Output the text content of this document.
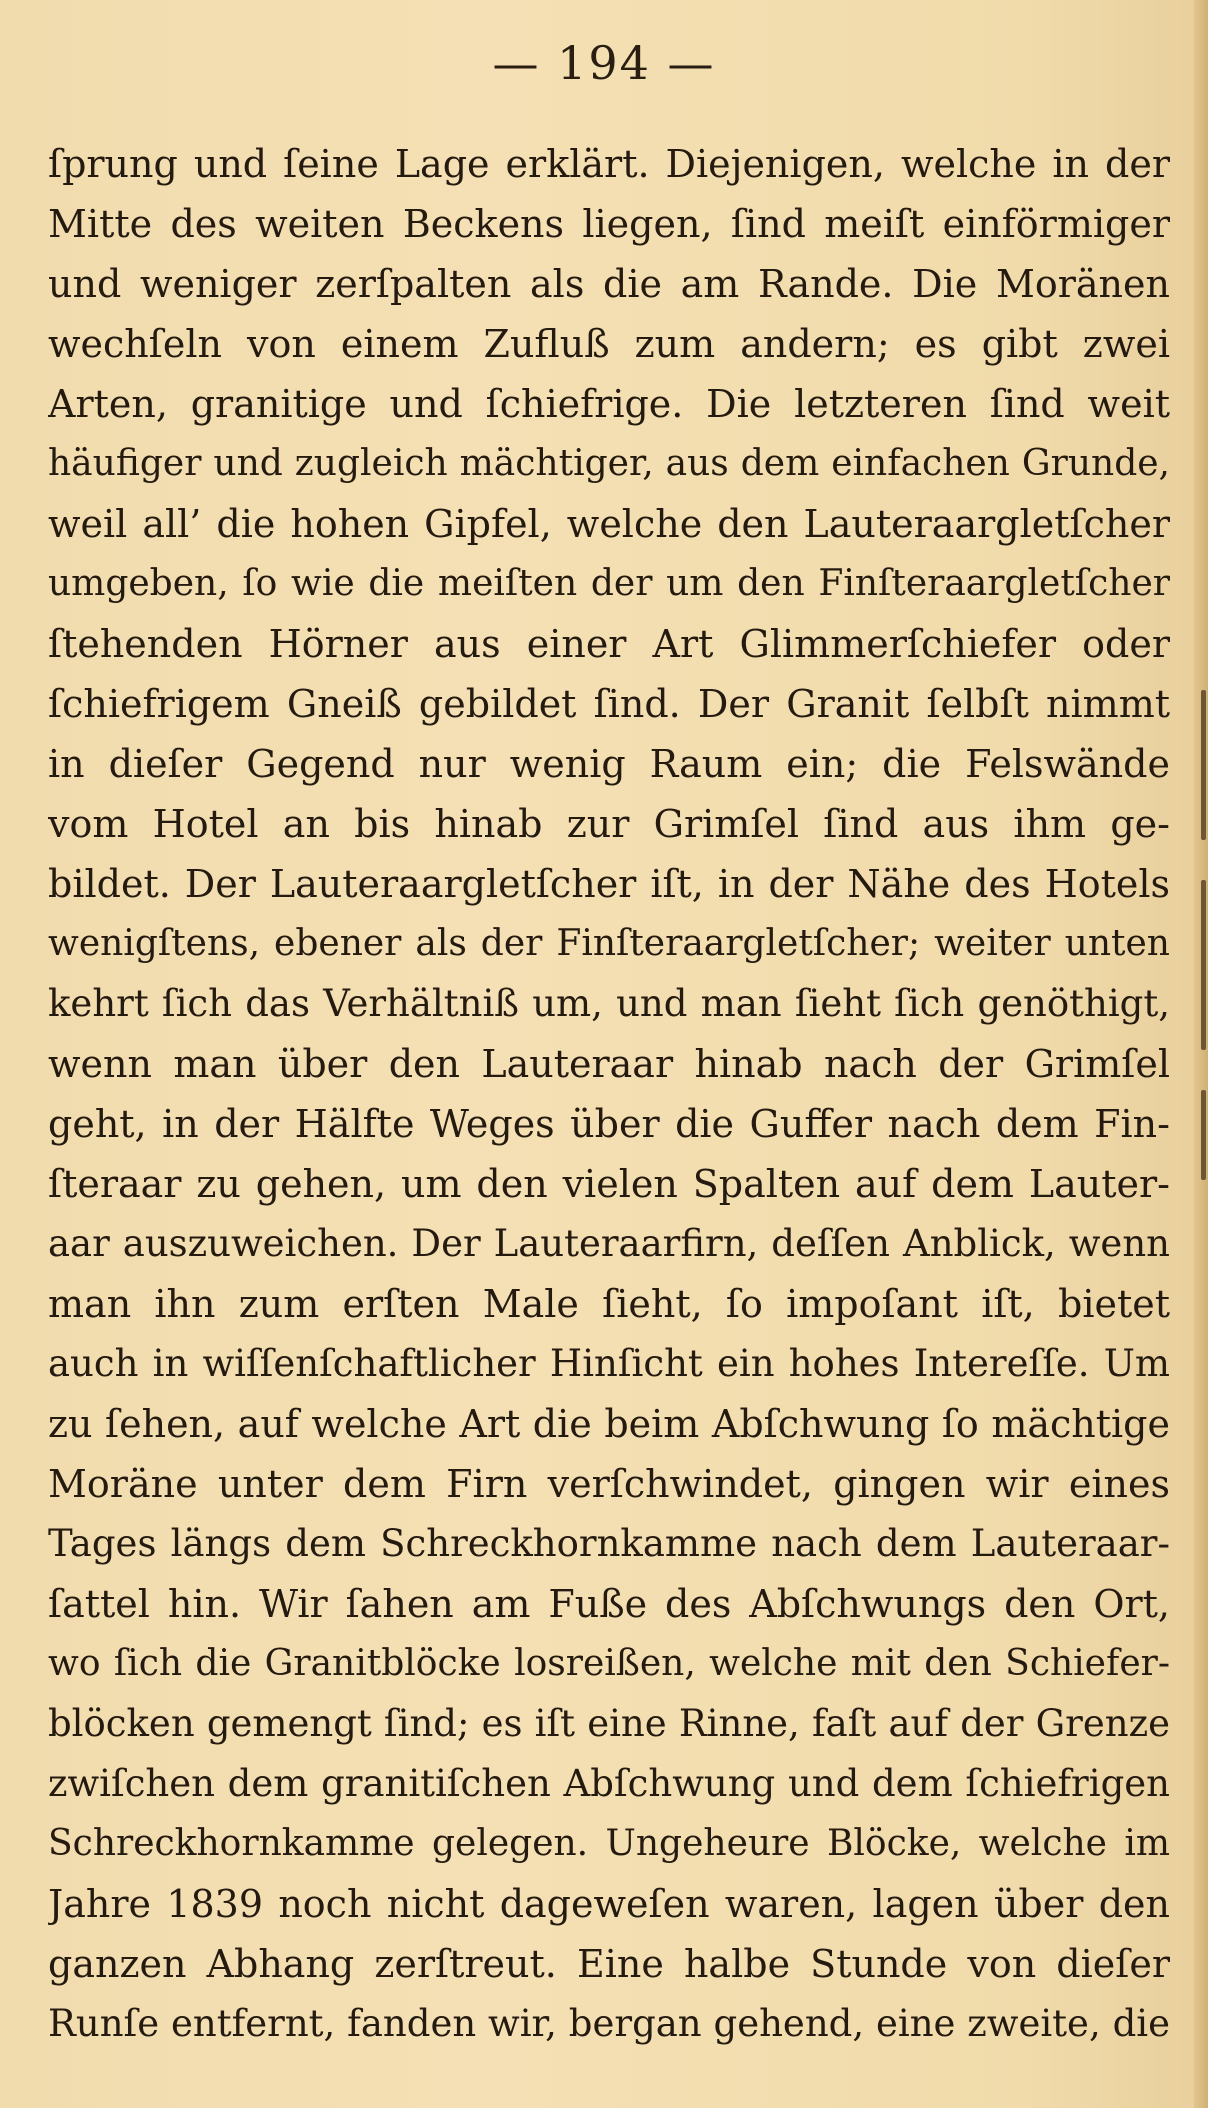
— 194 —
ſprung und ſeine Lage erklärt. Diejenigen, welche in der
Mitte des weiten Beckens liegen, ſind meiſt einförmiger
und weniger zerſpalten als die am Rande. Die Moränen
wechſeln von einem Zufluß zum andern; es gibt zwei
Arten, granitige und ſchiefrige. Die letzteren ſind weit
häufiger und zugleich mächtiger, aus dem einfachen Grunde,
weil all’ die hohen Gipfel, welche den Lauteraargletſcher
umgeben, ſo wie die meiſten der um den Finſteraargletſcher
ſtehenden Hörner aus einer Art Glimmerſchiefer oder
ſchiefrigem Gneiß gebildet ſind. Der Granit ſelbſt nimmt
in dieſer Gegend nur wenig Raum ein; die Felswände
vom Hotel an bis hinab zur Grimſel ſind aus ihm ge-
bildet. Der Lauteraargletſcher iſt, in der Nähe des Hotels
wenigſtens, ebener als der Finſteraargletſcher; weiter unten
kehrt ſich das Verhältniß um, und man ſieht ſich genöthigt,
wenn man über den Lauteraar hinab nach der Grimſel
geht, in der Hälfte Weges über die Guffer nach dem Fin-
ſteraar zu gehen, um den vielen Spalten auf dem Lauter-
aar auszuweichen. Der Lauteraarfirn, deſſen Anblick, wenn
man ihn zum erſten Male ſieht, ſo impoſant iſt, bietet
auch in wiſſenſchaftlicher Hinſicht ein hohes Intereſſe. Um
zu ſehen, auf welche Art die beim Abſchwung ſo mächtige
Moräne unter dem Firn verſchwindet, gingen wir eines
Tages längs dem Schreckhornkamme nach dem Lauteraar-
ſattel hin. Wir ſahen am Fuße des Abſchwungs den Ort,
wo ſich die Granitblöcke losreißen, welche mit den Schiefer-
blöcken gemengt ſind; es iſt eine Rinne, faſt auf der Grenze
zwiſchen dem granitiſchen Abſchwung und dem ſchiefrigen
Schreckhornkamme gelegen. Ungeheure Blöcke, welche im
Jahre 1839 noch nicht dageweſen waren, lagen über den
ganzen Abhang zerſtreut. Eine halbe Stunde von dieſer
Runſe entfernt, fanden wir, bergan gehend, eine zweite, die
